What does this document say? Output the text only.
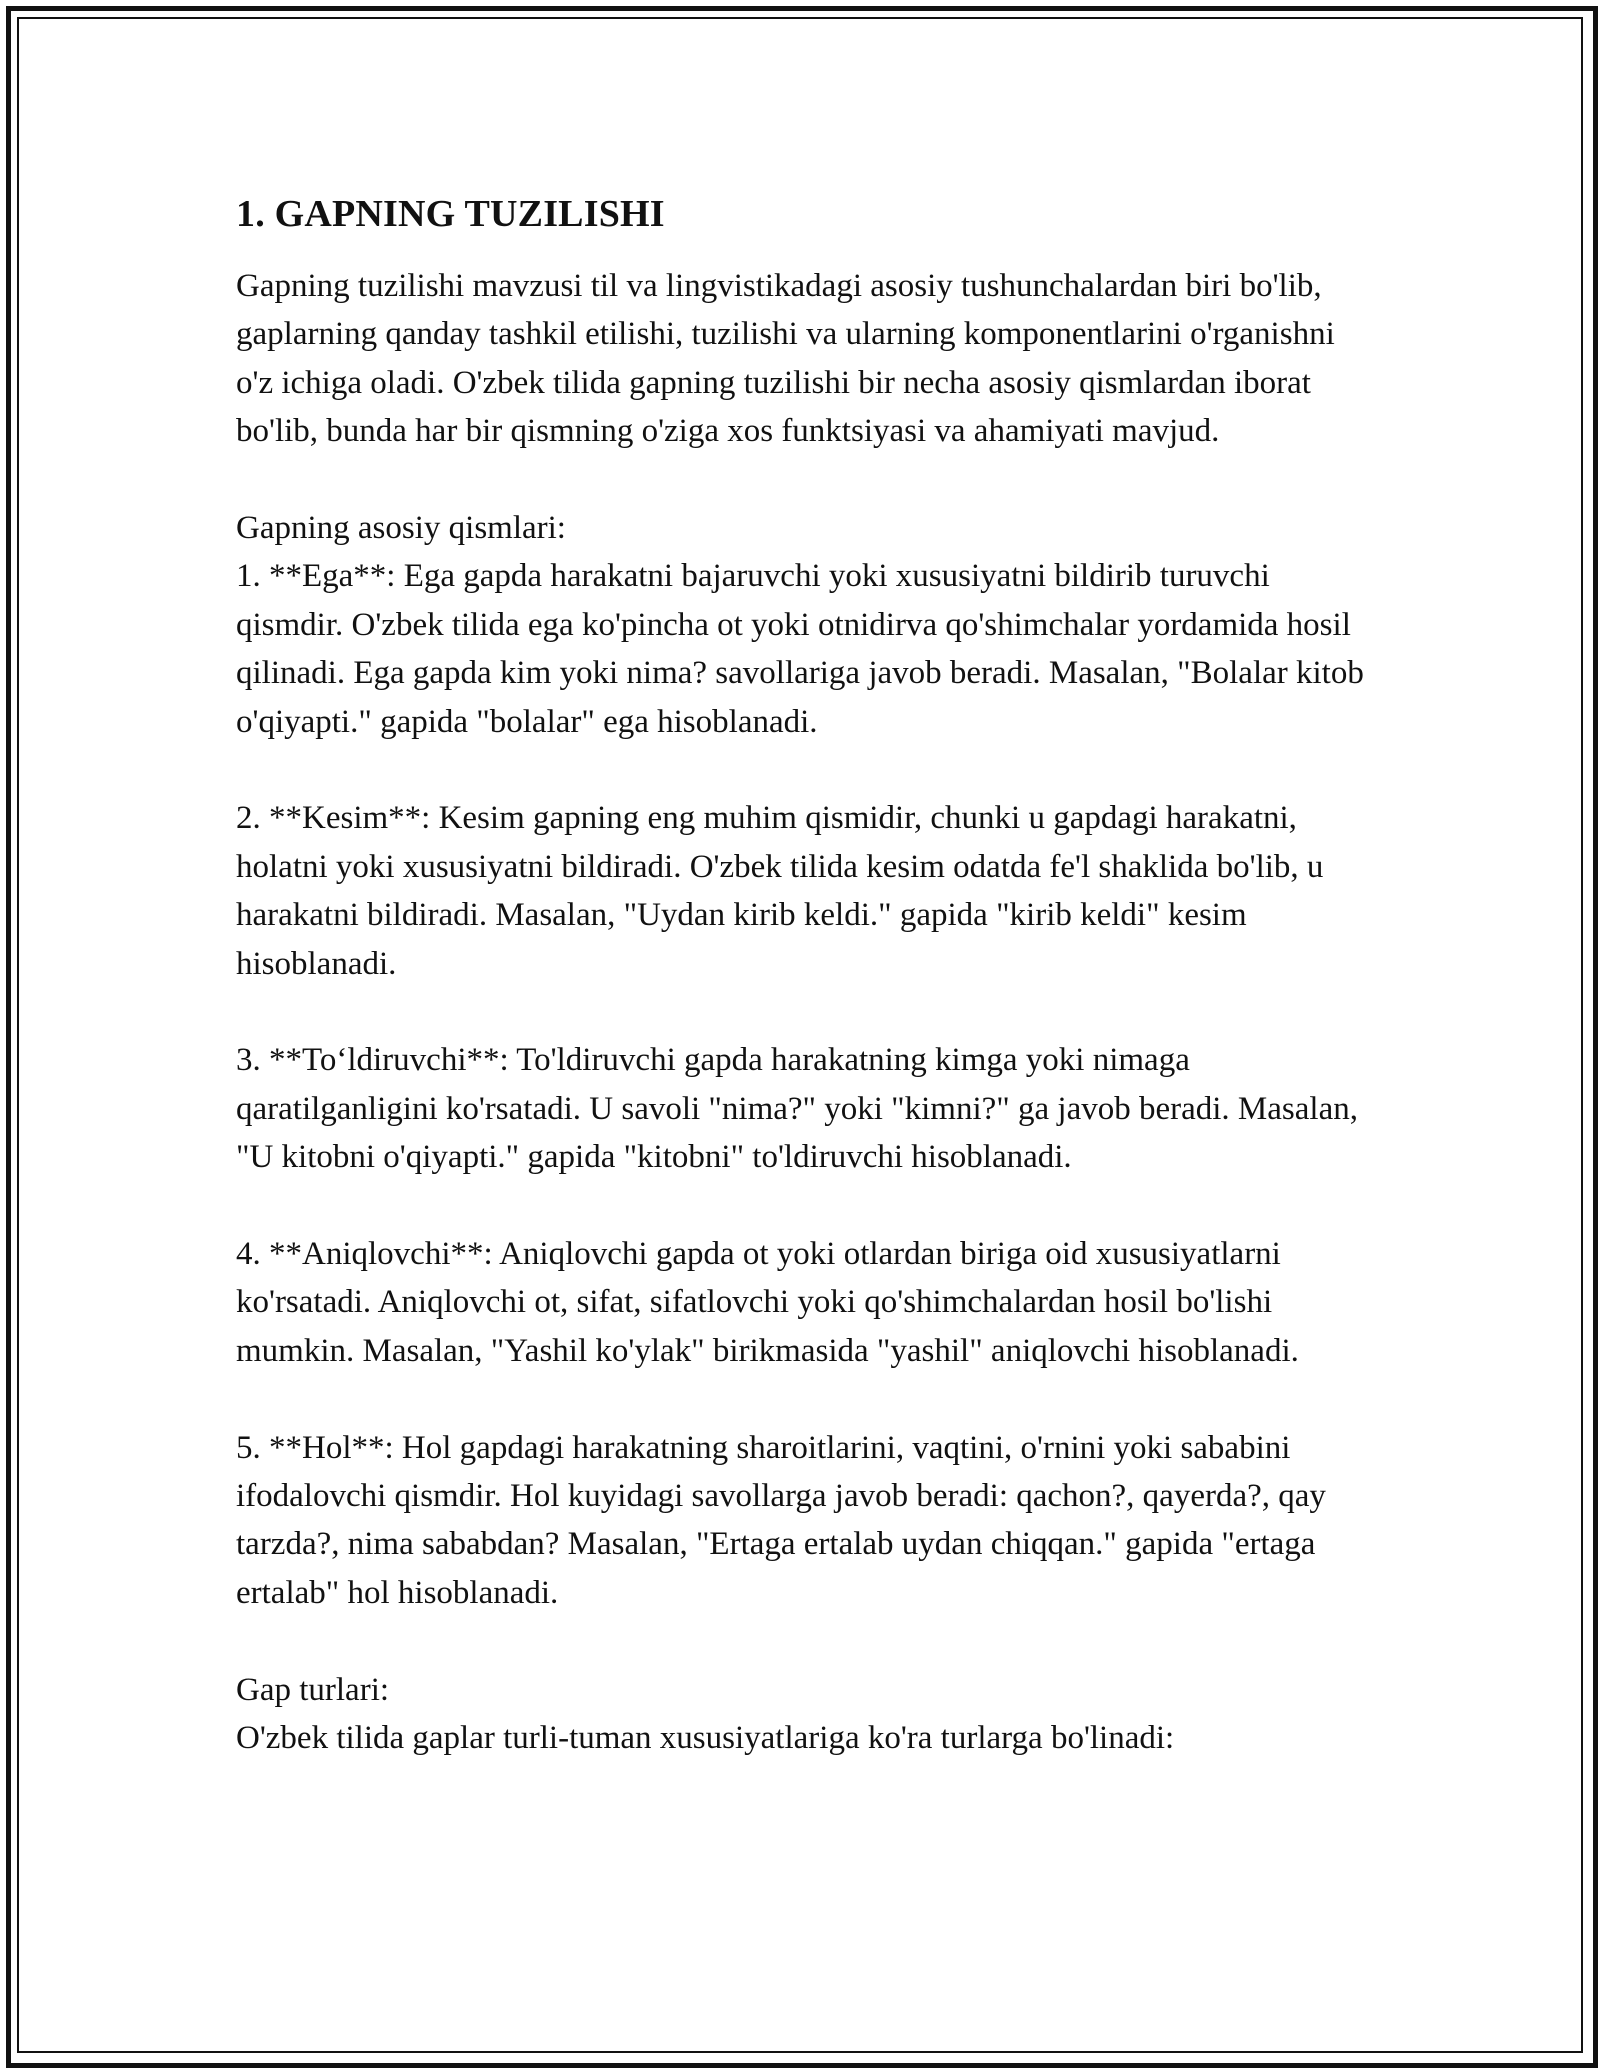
1. GAPNING TUZILISHI

Gapning tuzilishi mavzusi til va lingvistikadagi asosiy tushunchalardan biri bo'lib, gaplarning qanday tashkil etilishi, tuzilishi va ularning komponentlarini o'rganishni o'z ichiga oladi. O'zbek tilida gapning tuzilishi bir necha asosiy qismlardan iborat bo'lib, bunda har bir qismning o'ziga xos funktsiyasi va ahamiyati mavjud.

Gapning asosiy qismlari:

1. **Ega**: Ega gapda harakatni bajaruvchi yoki xususiyatni bildirib turuvchi qismdir. O'zbek tilida ega ko'pincha ot yoki otnidirva qo'shimchalar yordamida hosil qilinadi. Ega gapda kim yoki nima? savollariga javob beradi. Masalan, "Bolalar kitob o'qiyapti." gapida "bolalar" ega hisoblanadi.

2. **Kesim**: Kesim gapning eng muhim qismidir, chunki u gapdagi harakatni, holatni yoki xususiyatni bildiradi. O'zbek tilida kesim odatda fe'l shaklida bo'lib, u harakatni bildiradi. Masalan, "Uydan kirib keldi." gapida "kirib keldi" kesim hisoblanadi.

3. **To‘ldiruvchi**: To'ldiruvchi gapda harakatning kimga yoki nimaga qaratilganligini ko'rsatadi. U savoli "nima?" yoki "kimni?" ga javob beradi. Masalan, "U kitobni o'qiyapti." gapida "kitobni" to'ldiruvchi hisoblanadi.

4. **Aniqlovchi**: Aniqlovchi gapda ot yoki otlardan biriga oid xususiyatlarni ko'rsatadi. Aniqlovchi ot, sifat, sifatlovchi yoki qo'shimchalardan hosil bo'lishi mumkin. Masalan, "Yashil ko'ylak" birikmasida "yashil" aniqlovchi hisoblanadi.

5. **Hol**: Hol gapdagi harakatning sharoitlarini, vaqtini, o'rnini yoki sababini ifodalovchi qismdir. Hol kuyidagi savollarga javob beradi: qachon?, qayerda?, qay tarzda?, nima sababdan? Masalan, "Ertaga ertalab uydan chiqqan." gapida "ertaga ertalab" hol hisoblanadi.

Gap turlari:

O'zbek tilida gaplar turli-tuman xususiyatlariga ko'ra turlarga bo'linadi:
